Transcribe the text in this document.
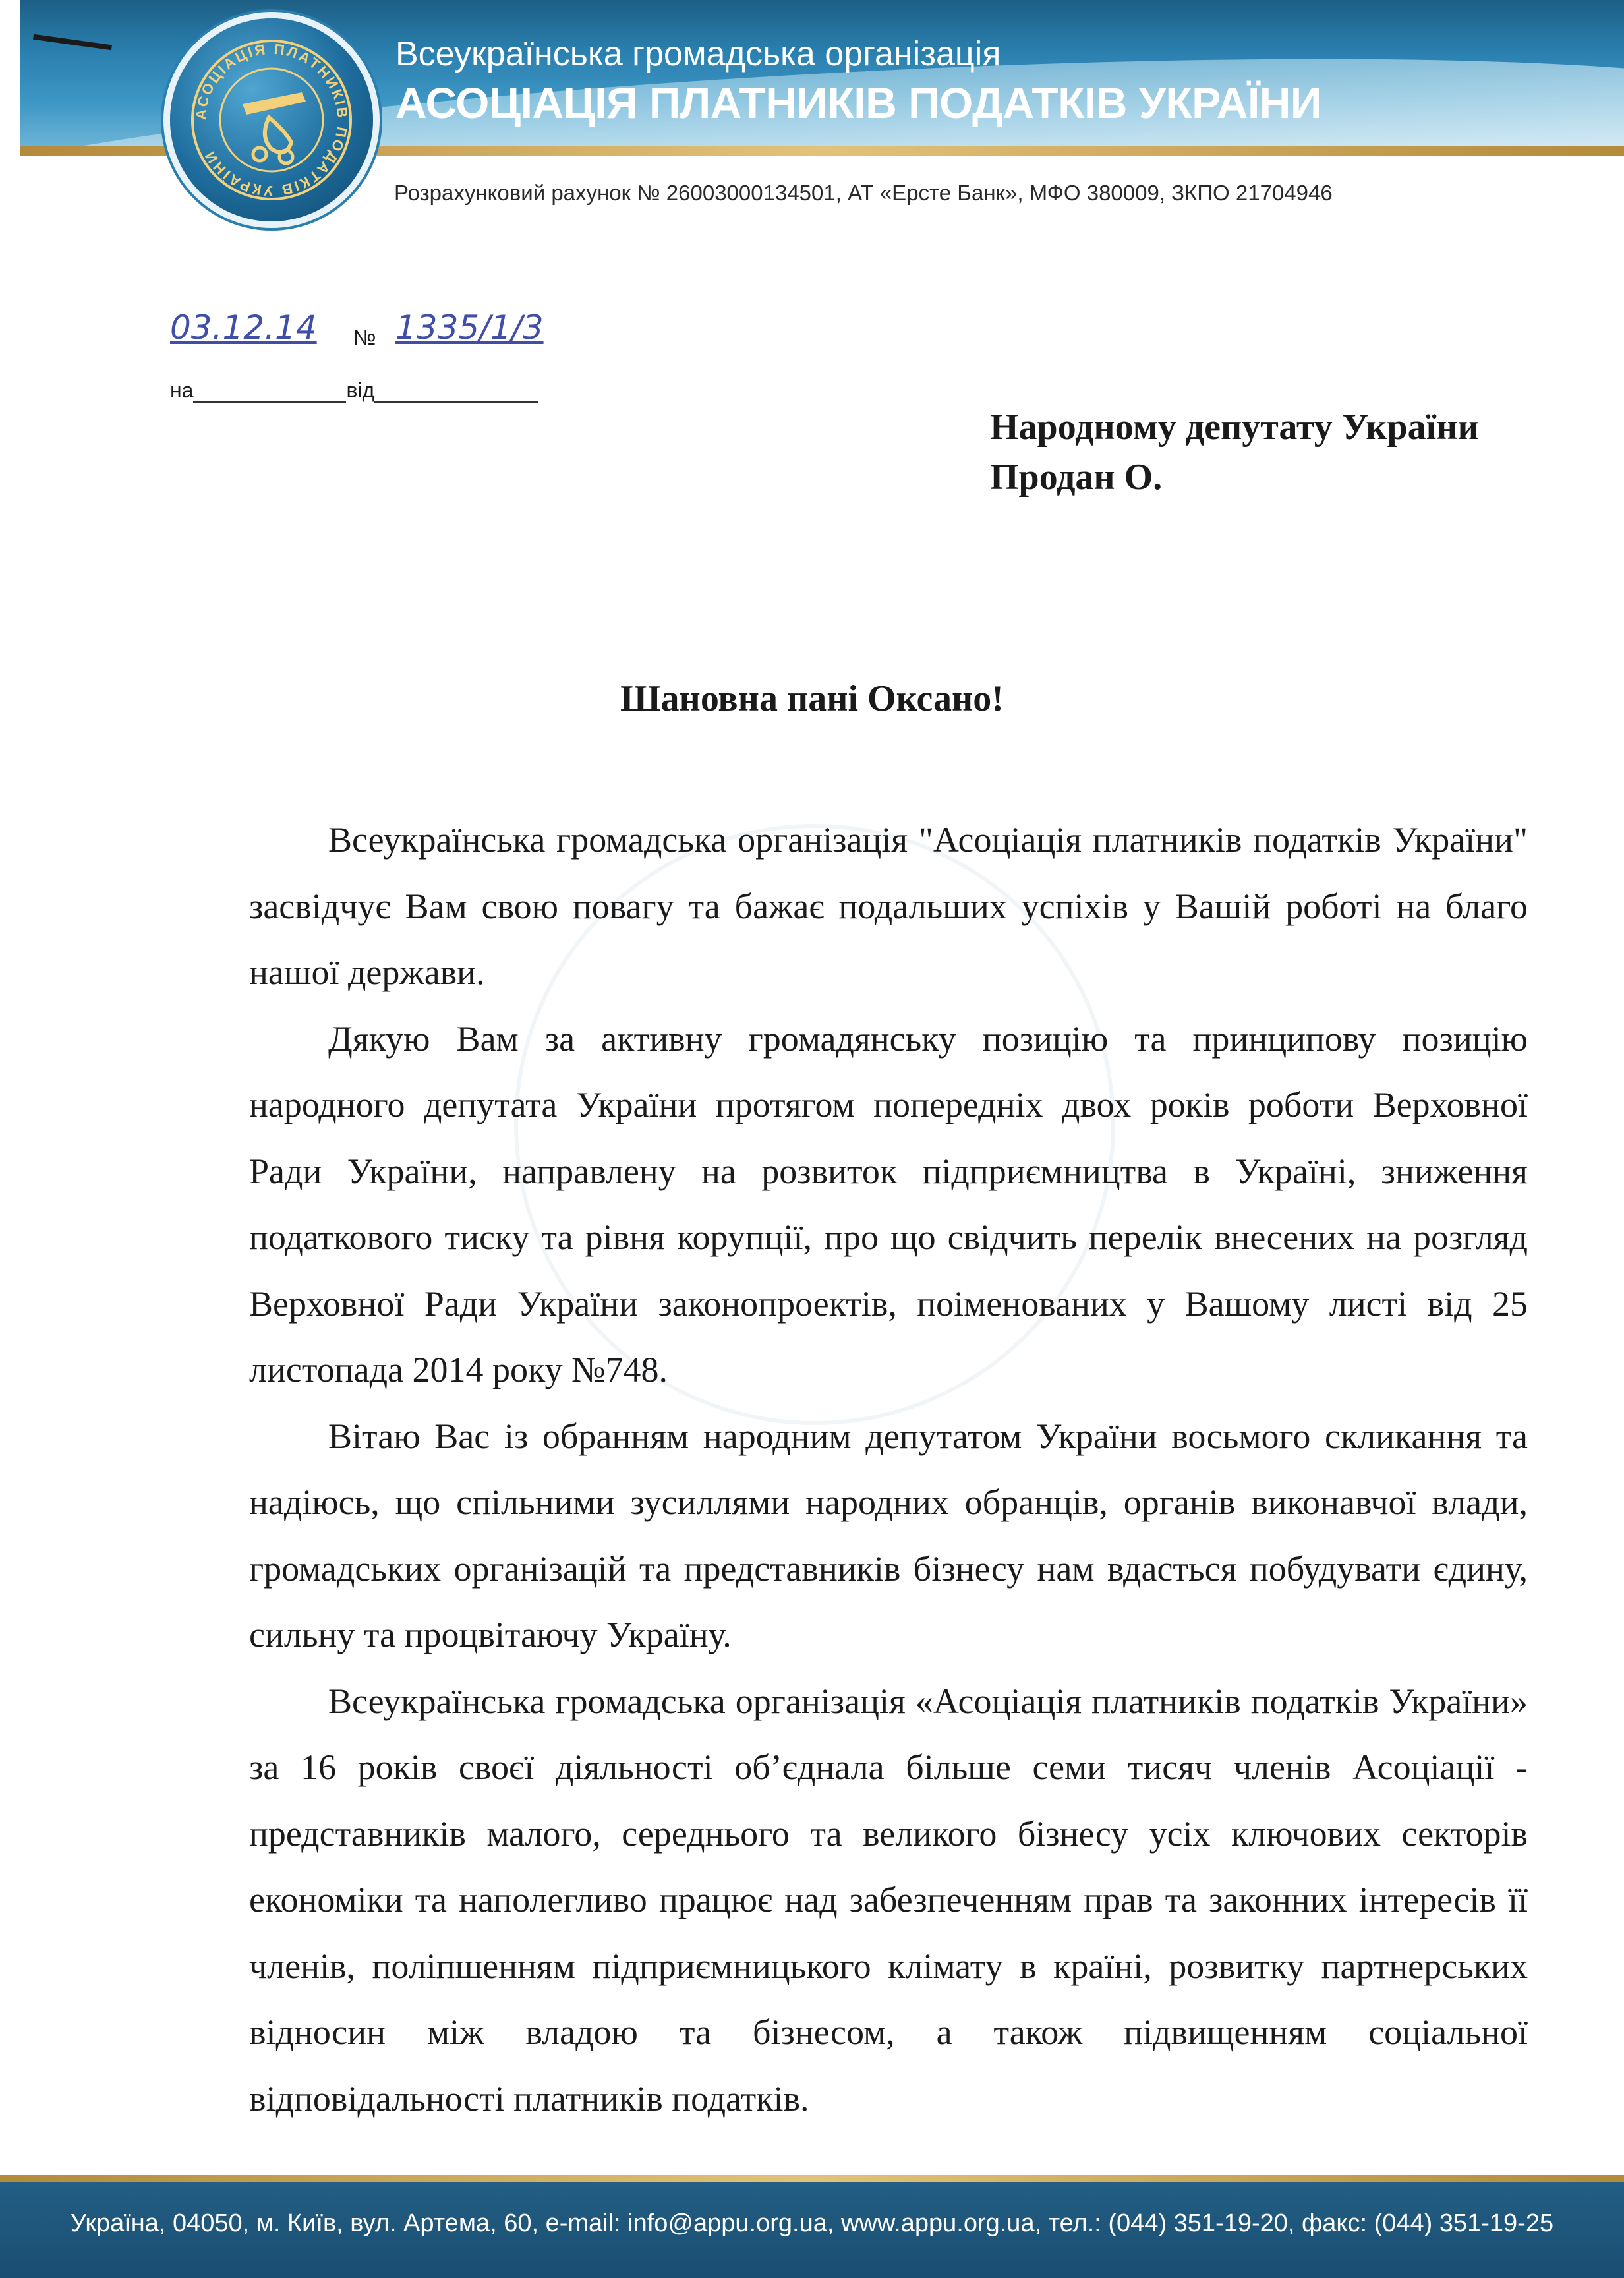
АСОЦІАЦІЯ ПЛАТНИКІВ ПОДАТКІВ УКРАЇНИ
Всеукраїнська громадська організація
АСОЦІАЦІЯ ПЛАТНИКІВ ПОДАТКІВ УКРАЇНИ
Розрахунковий рахунок № 26003000134501, АТ «Ерсте Банк», МФО 380009, ЗКПО 21704946
03.12.14 № 1335/1/3
на	від
Народному депутату України
Продан О.
Шановна пані Оксано!

Всеукраїнська громадська організація "Асоціація платників податків України" засвідчує Вам свою повагу та бажає подальших успіхів у Вашій роботі на благо нашої держави.

Дякую Вам за активну громадянську позицію та принципову позицію народного депутата України протягом попередніх двох років роботи Верховної Ради України, направлену на розвиток підприємництва в Україні, зниження податкового тиску та рівня корупції, про що свідчить перелік внесених на розгляд Верховної Ради України законопроектів, поіменованих у Вашому листі від 25 листопада 2014 року №748.

Вітаю Вас із обранням народним депутатом України восьмого скликання та надіюсь, що спільними зусиллями народних обранців, органів виконавчої влади, громадських організацій та представників бізнесу нам вдасться побудувати єдину, сильну та процвітаючу Україну.

Всеукраїнська громадська організація «Асоціація платників податків України» за 16 років своєї діяльності об’єднала більше семи тисяч членів Асоціації - представників малого, середнього та великого бізнесу усіх ключових секторів економіки та наполегливо працює над забезпеченням прав та законних інтересів її членів, поліпшенням підприємницького клімату в країні, розвитку партнерських відносин між владою та бізнесом, а також підвищенням соціальної відповідальності платників податків.

Україна, 04050, м. Київ, вул. Артема, 60, e-mail: info@appu.org.ua, www.appu.org.ua, тел.: (044) 351-19-20, факс: (044) 351-19-25
